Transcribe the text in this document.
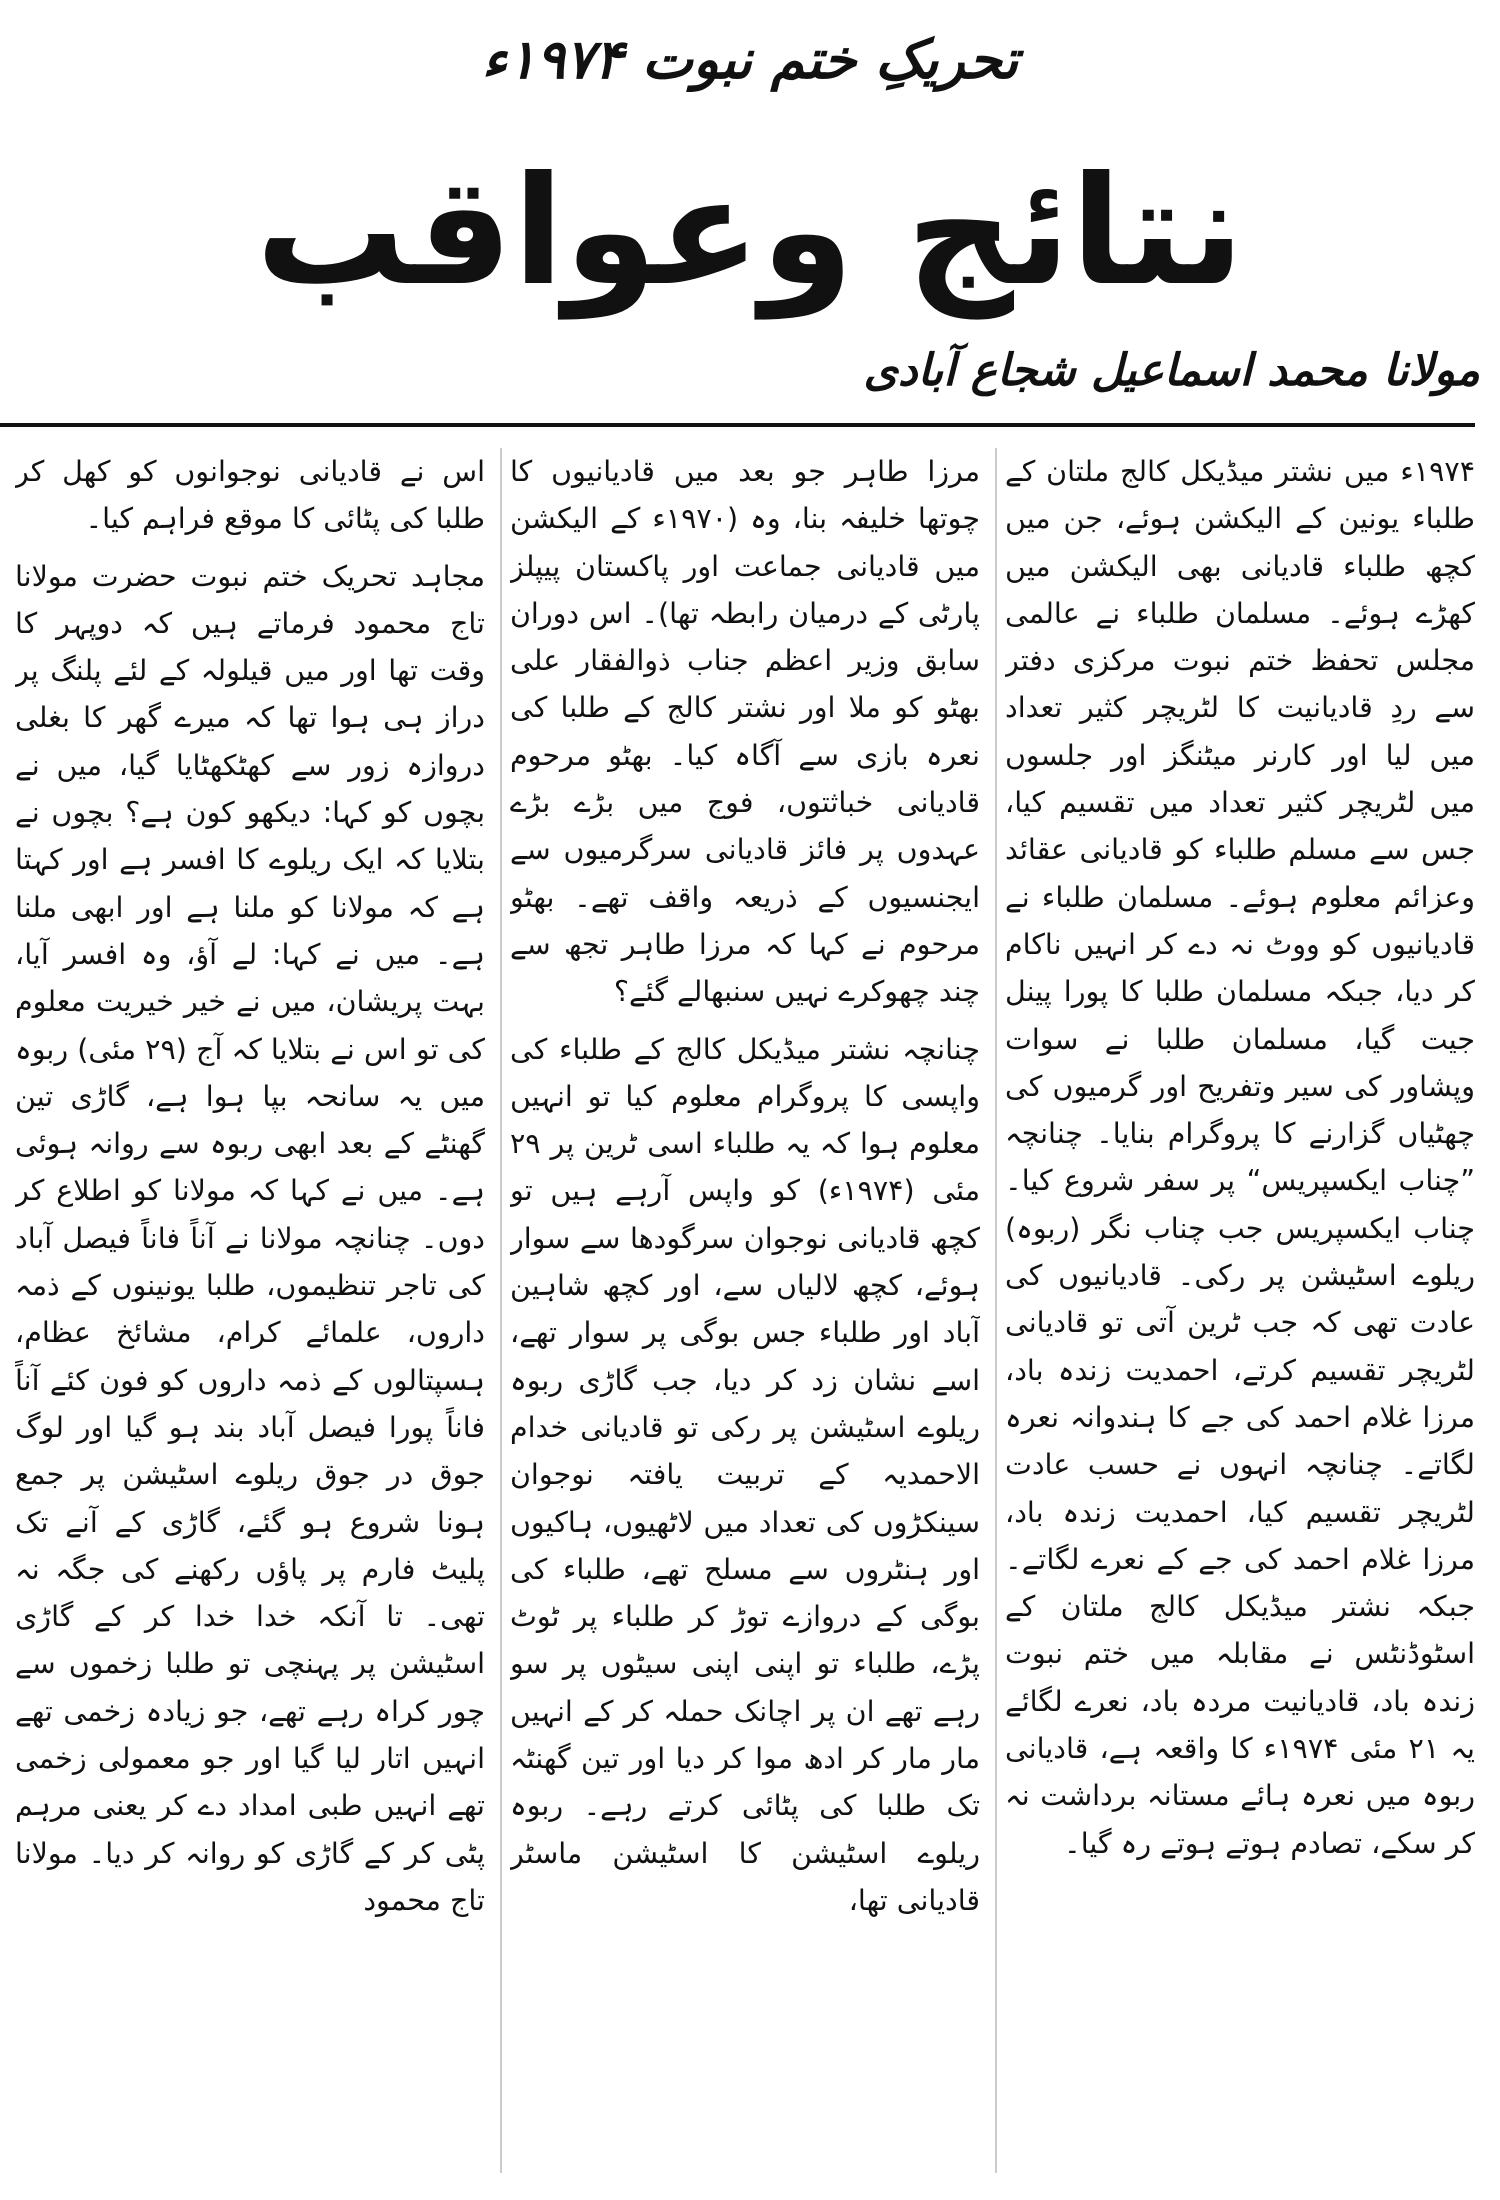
تحریکِ ختم نبوت ۱۹۷۴ء
نتائج وعواقب
مولانا محمد اسماعیل شجاع آبادی

۱۹۷۴ء میں نشتر میڈیکل کالج ملتان کے طلباء یونین کے الیکشن ہوئے، جن میں کچھ طلباء قادیانی بھی الیکشن میں کھڑے ہوئے۔ مسلمان طلباء نے عالمی مجلس تحفظ ختم نبوت مرکزی دفتر سے ردِ قادیانیت کا لٹریچر کثیر تعداد میں لیا اور کارنر میٹنگز اور جلسوں میں لٹریچر کثیر تعداد میں تقسیم کیا، جس سے مسلم طلباء کو قادیانی عقائد وعزائم معلوم ہوئے۔ مسلمان طلباء نے قادیانیوں کو ووٹ نہ دے کر انہیں ناکام کر دیا، جبکہ مسلمان طلبا کا پورا پینل جیت گیا، مسلمان طلبا نے سوات وپشاور کی سیر وتفریح اور گرمیوں کی چھٹیاں گزارنے کا پروگرام بنایا۔ چنانچہ ”چناب ایکسپریس“ پر سفر شروع کیا۔ چناب ایکسپریس جب چناب نگر (ربوہ) ریلوے اسٹیشن پر رکی۔ قادیانیوں کی عادت تھی کہ جب ٹرین آتی تو قادیانی لٹریچر تقسیم کرتے، احمدیت زندہ باد، مرزا غلام احمد کی جے کا ہندوانہ نعرہ لگاتے۔ چنانچہ انہوں نے حسب عادت لٹریچر تقسیم کیا، احمدیت زندہ باد، مرزا غلام احمد کی جے کے نعرے لگاتے۔ جبکہ نشتر میڈیکل کالج ملتان کے اسٹوڈنٹس نے مقابلہ میں ختم نبوت زندہ باد، قادیانیت مردہ باد، نعرے لگائے یہ ۲۱ مئی ۱۹۷۴ء کا واقعہ ہے، قادیانی ربوہ میں نعرہ ہائے مستانہ برداشت نہ کر سکے، تصادم ہوتے ہوتے رہ گیا۔

مرزا طاہر جو بعد میں قادیانیوں کا چوتھا خلیفہ بنا، وہ (۱۹۷۰ء کے الیکشن میں قادیانی جماعت اور پاکستان پیپلز پارٹی کے درمیان رابطہ تھا)۔ اس دوران سابق وزیر اعظم جناب ذوالفقار علی بھٹو کو ملا اور نشتر کالج کے طلبا کی نعرہ بازی سے آگاہ کیا۔ بھٹو مرحوم قادیانی خباثتوں، فوج میں بڑے بڑے عہدوں پر فائز قادیانی سرگرمیوں سے ایجنسیوں کے ذریعہ واقف تھے۔ بھٹو مرحوم نے کہا کہ مرزا طاہر تجھ سے چند چھوکرے نہیں سنبھالے گئے؟

چنانچہ نشتر میڈیکل کالج کے طلباء کی واپسی کا پروگرام معلوم کیا تو انہیں معلوم ہوا کہ یہ طلباء اسی ٹرین پر ۲۹ مئی (۱۹۷۴ء) کو واپس آرہے ہیں تو کچھ قادیانی نوجوان سرگودھا سے سوار ہوئے، کچھ لالیاں سے، اور کچھ شاہین آباد اور طلباء جس بوگی پر سوار تھے، اسے نشان زد کر دیا، جب گاڑی ربوہ ریلوے اسٹیشن پر رکی تو قادیانی خدام الاحمدیہ کے تربیت یافتہ نوجوان سینکڑوں کی تعداد میں لاٹھیوں، ہاکیوں اور ہنٹروں سے مسلح تھے، طلباء کی بوگی کے دروازے توڑ کر طلباء پر ٹوٹ پڑے، طلباء تو اپنی اپنی سیٹوں پر سو رہے تھے ان پر اچانک حملہ کر کے انہیں مار مار کر ادھ موا کر دیا اور تین گھنٹہ تک طلبا کی پٹائی کرتے رہے۔ ربوہ ریلوے اسٹیشن کا اسٹیشن ماسٹر قادیانی تھا،

اس نے قادیانی نوجوانوں کو کھل کر طلبا کی پٹائی کا موقع فراہم کیا۔

مجاہد تحریک ختم نبوت حضرت مولانا تاج محمود فرماتے ہیں کہ دوپہر کا وقت تھا اور میں قیلولہ کے لئے پلنگ پر دراز ہی ہوا تھا کہ میرے گھر کا بغلی دروازہ زور سے کھٹکھٹایا گیا، میں نے بچوں کو کہا: دیکھو کون ہے؟ بچوں نے بتلایا کہ ایک ریلوے کا افسر ہے اور کہتا ہے کہ مولانا کو ملنا ہے اور ابھی ملنا ہے۔ میں نے کہا: لے آؤ، وہ افسر آیا، بہت پریشان، میں نے خیر خیریت معلوم کی تو اس نے بتلایا کہ آج (۲۹ مئی) ربوہ میں یہ سانحہ بپا ہوا ہے، گاڑی تین گھنٹے کے بعد ابھی ربوہ سے روانہ ہوئی ہے۔ میں نے کہا کہ مولانا کو اطلاع کر دوں۔ چنانچہ مولانا نے آناً فاناً فیصل آباد کی تاجر تنظیموں، طلبا یونینوں کے ذمہ داروں، علمائے کرام، مشائخ عظام، ہسپتالوں کے ذمہ داروں کو فون کئے آناً فاناً پورا فیصل آباد بند ہو گیا اور لوگ جوق در جوق ریلوے اسٹیشن پر جمع ہونا شروع ہو گئے، گاڑی کے آنے تک پلیٹ فارم پر پاؤں رکھنے کی جگہ نہ تھی۔ تا آنکہ خدا خدا کر کے گاڑی اسٹیشن پر پہنچی تو طلبا زخموں سے چور کراہ رہے تھے، جو زیادہ زخمی تھے انہیں اتار لیا گیا اور جو معمولی زخمی تھے انہیں طبی امداد دے کر یعنی مرہم پٹی کر کے گاڑی کو روانہ کر دیا۔ مولانا تاج محمود
